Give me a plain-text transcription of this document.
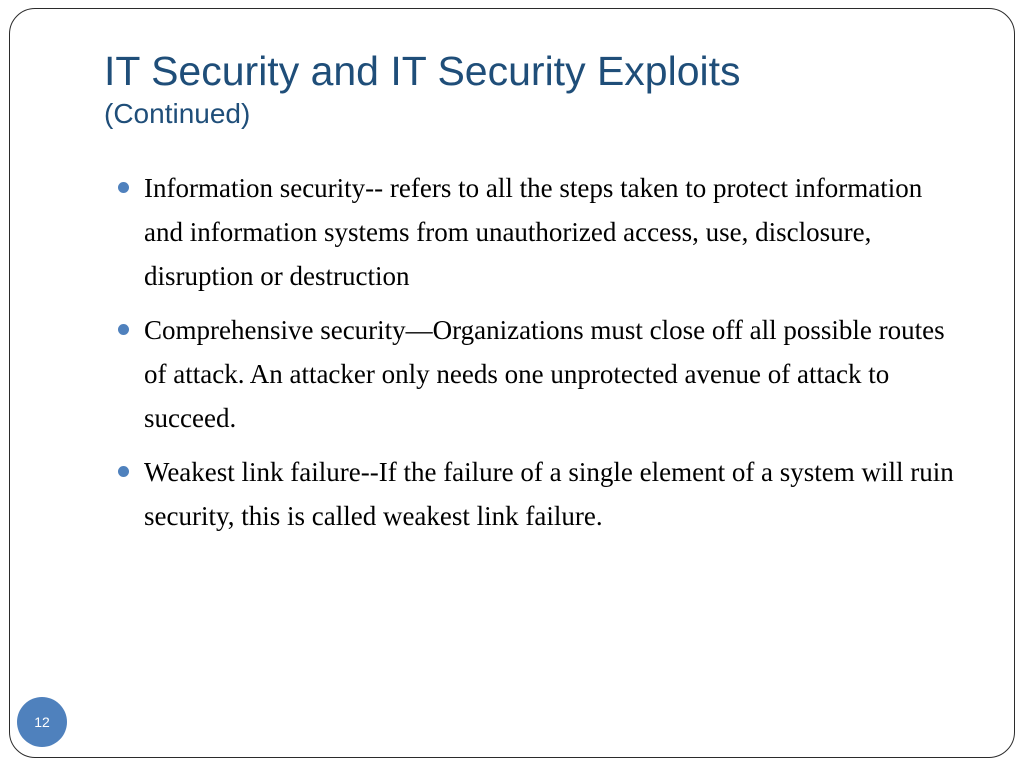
IT Security and IT Security Exploits
(Continued)
Information security-- refers to all the steps taken to protect information and information systems from unauthorized access, use, disclosure, disruption or destruction
Comprehensive security—Organizations must close off all possible routes of attack. An attacker only needs one unprotected avenue of attack to succeed.
Weakest link failure--If the failure of a single element of a system will ruin security, this is called weakest link failure.
12
